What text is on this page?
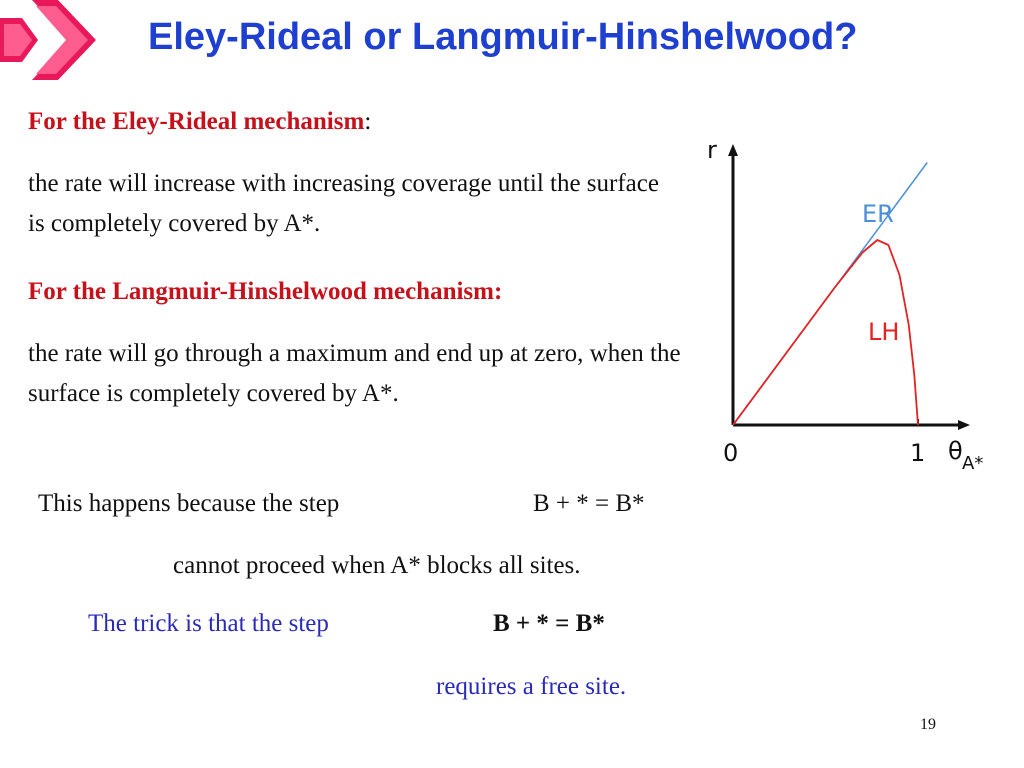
Eley-Rideal or Langmuir-Hinshelwood?
For the Eley-Rideal mechanism:
the rate will increase with increasing coverage until the surface is completely covered by A*.
For the Langmuir-Hinshelwood mechanism:
the rate will go through a maximum and end up at zero, when the surface is completely covered by A*.
r
0	1 θ A*
ER
LH
This happens because the step	B + * = B*
cannot proceed when A* blocks all sites.
The trick is that the step	B + * = B*
requires a free site.
19
